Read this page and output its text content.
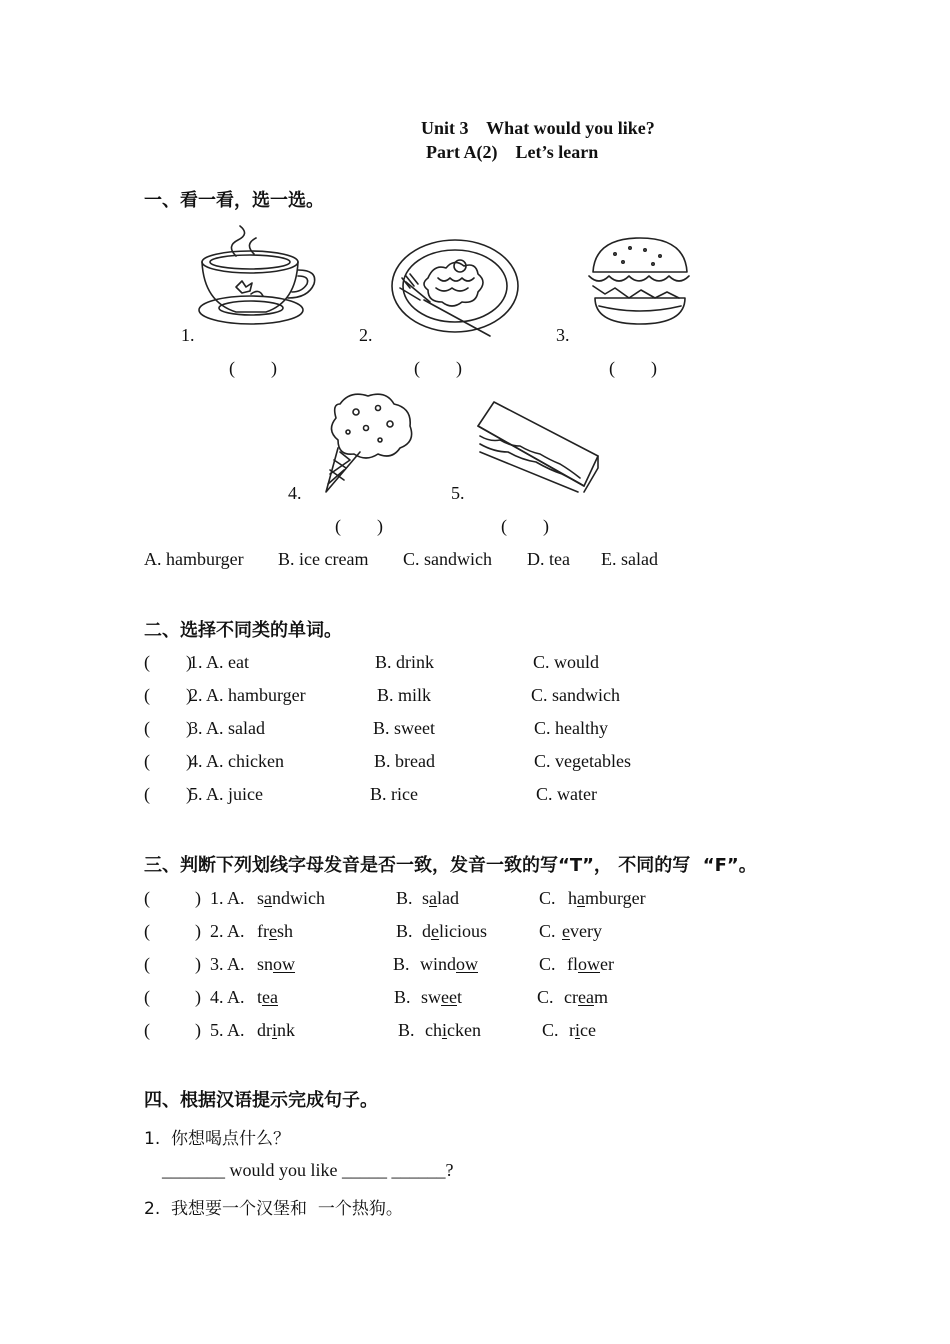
Unit 3    What would you like?
Part A(2)    Let’s learn
一、看一看，选一选。
1.
(        )
2.
(        )
3.
(        )
4.
(        )
5.
(        )
A. hamburger B. ice cream C. sandwich D. tea E. salad
二、选择不同类的单词。
(        )
1. A. eat	B. drink	C. would
(        )
2. A. hamburger	B. milk	C. sandwich
(        )
3. A. salad	B. sweet	C. healthy
(        )
4. A. chicken	B. bread	C. vegetables
(        )
5. A. juice	B. rice	C. water
三、判断下列划线字母发音是否一致，发音一致的写“T”， 不同的写  “F”。
(          ) 1. A. sandwich	B. salad	C. hamburger
(          ) 2. A. fresh	B. delicious	C. every
(          ) 3. A. snow	B. window	C. flower
(          ) 4. A. tea	B. sweet	C. cream
(          ) 5. A. drink	B. chicken	C. rice
四、根据汉语提示完成句子。
1.  你想喝点什么？
_______ would you like _____ ______?
2.  我想要一个汉堡和  一个热狗。
